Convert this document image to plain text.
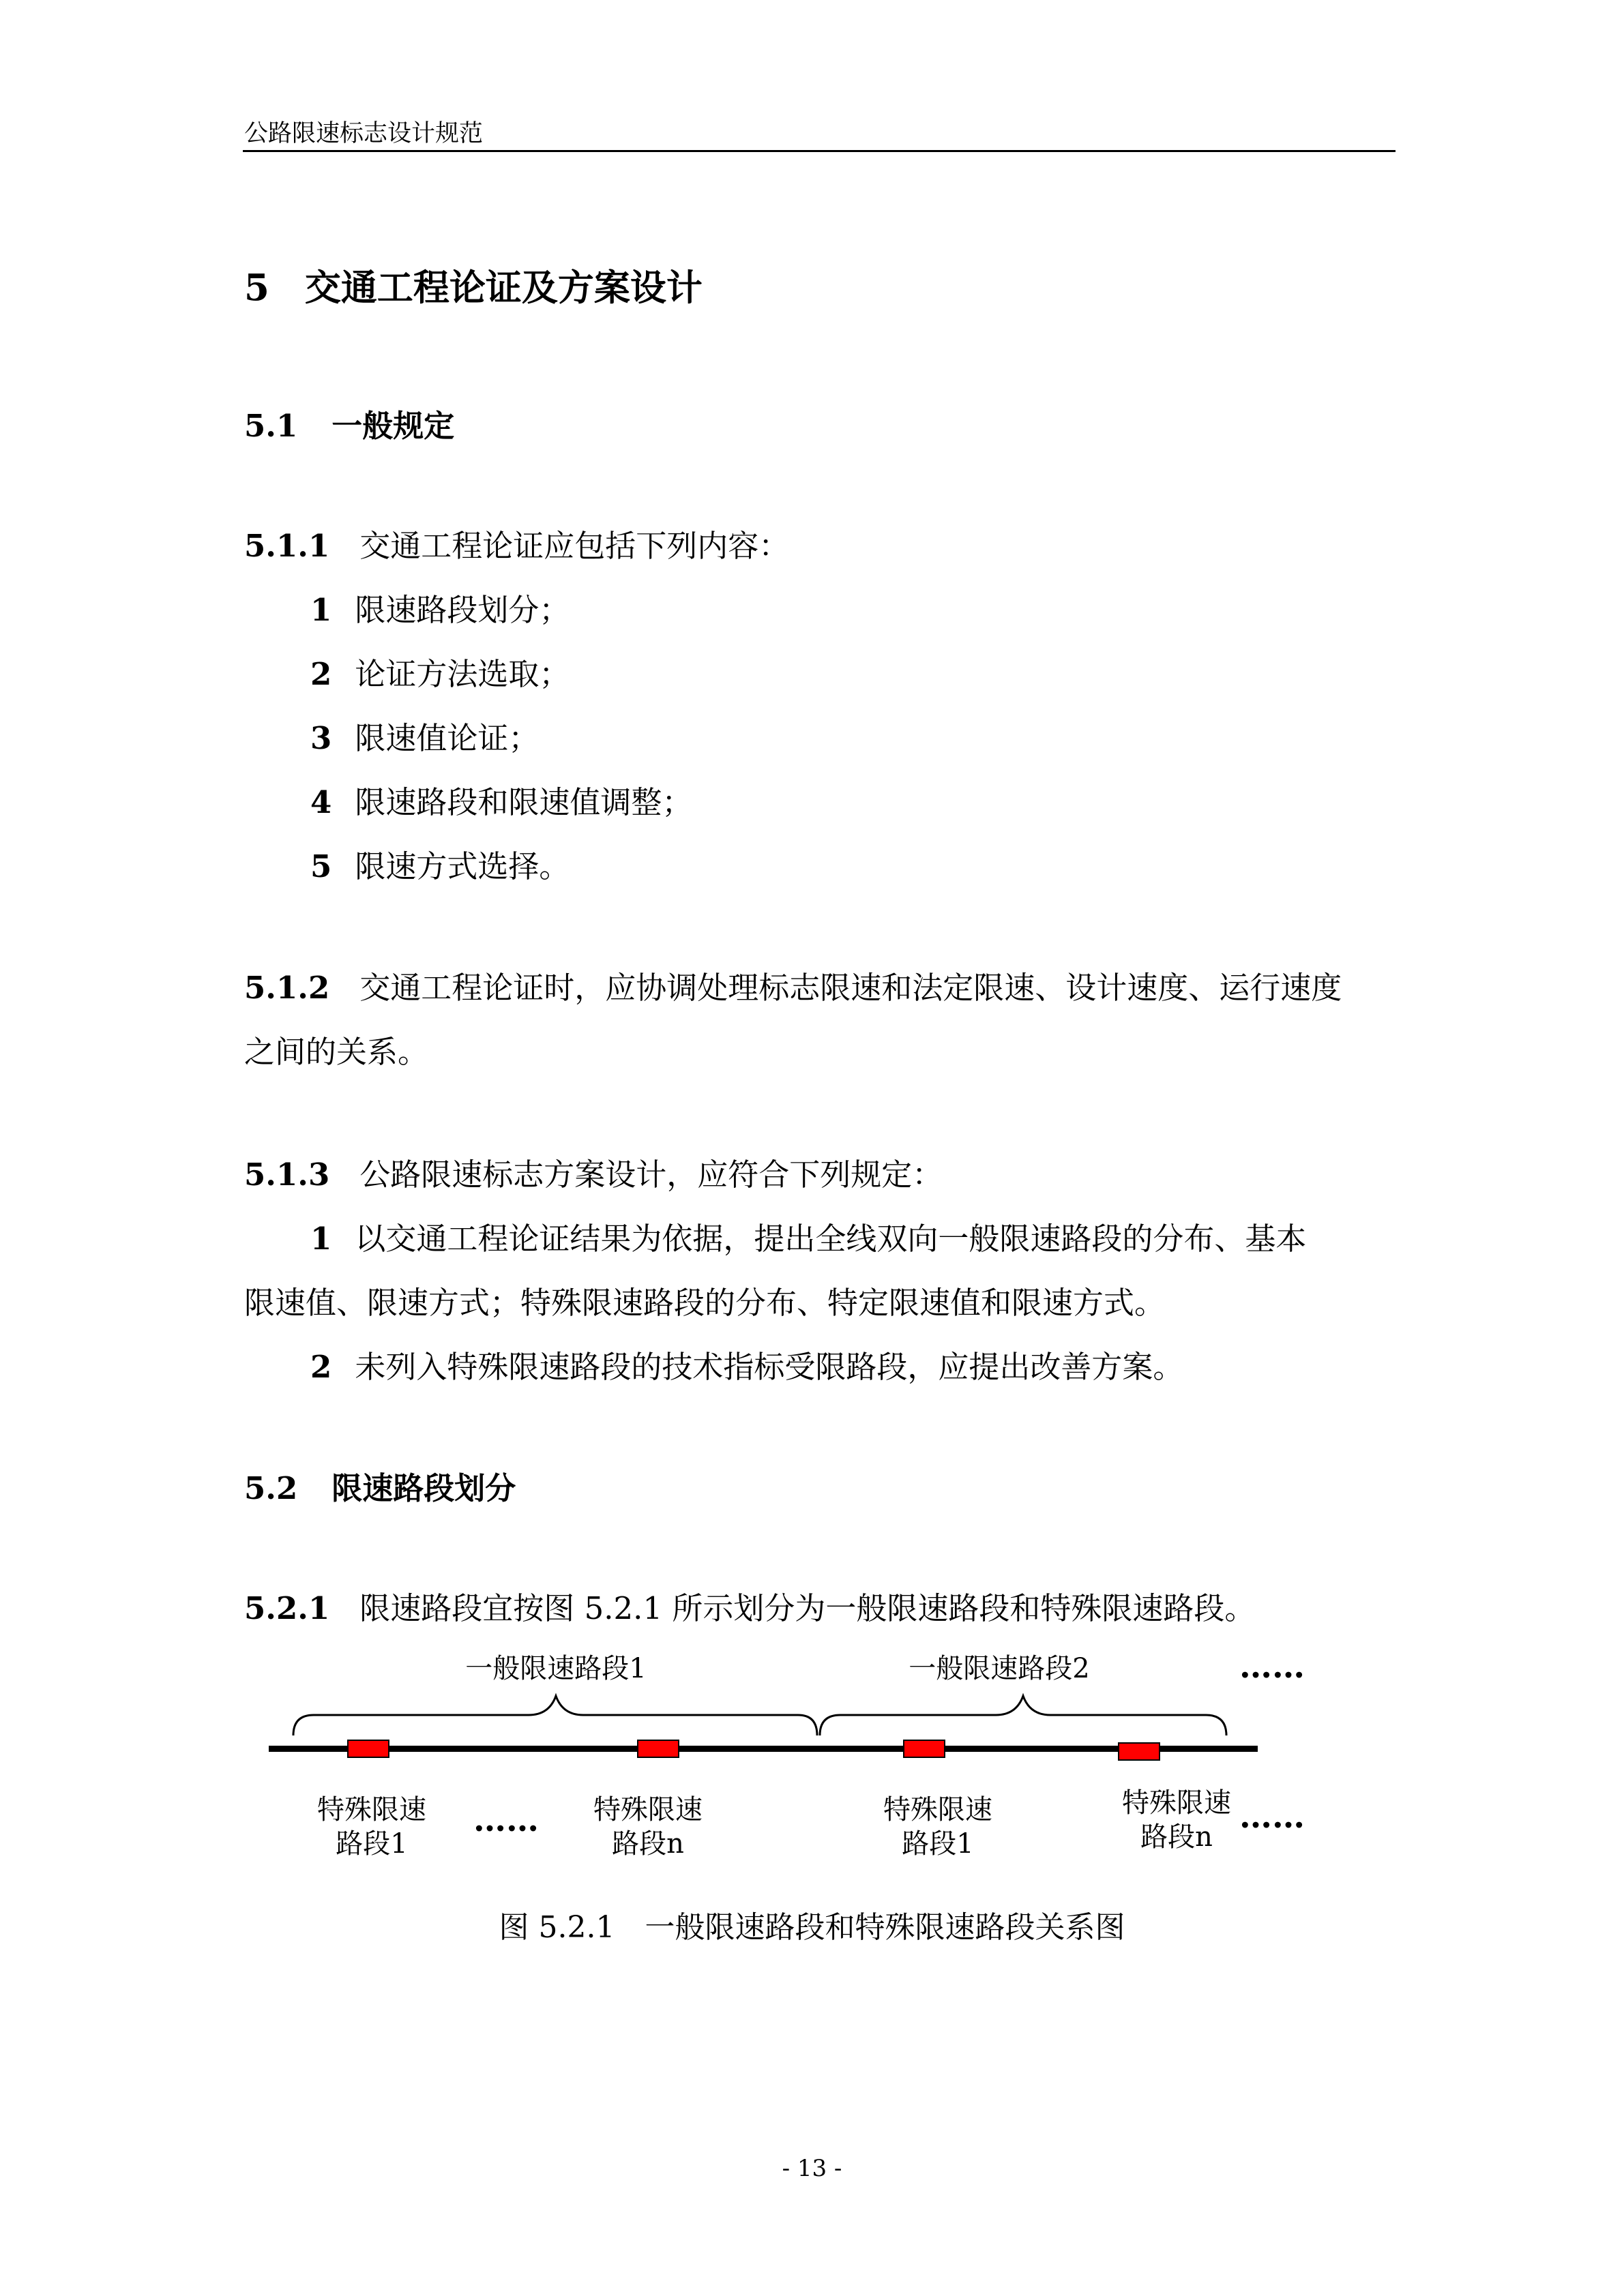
公路限速标志设计规范
5 交通工程论证及方案设计
5.1 一般规定
5.1.1 交通工程论证应包括下列内容：
1 限速路段划分；
2 论证方法选取；
3 限速值论证；
4 限速路段和限速值调整；
5 限速方式选择。
5.1.2 交通工程论证时，应协调处理标志限速和法定限速、设计速度、运行速度
之间的关系。
5.1.3 公路限速标志方案设计，应符合下列规定：
1 以交通工程论证结果为依据，提出全线双向一般限速路段的分布、基本
限速值、限速方式；特殊限速路段的分布、特定限速值和限速方式。
2 未列入特殊限速路段的技术指标受限路段，应提出改善方案。
5.2 限速路段划分
5.2.1 限速路段宜按图 5.2.1 所示划分为一般限速路段和特殊限速路段。
一般限速路段1	一般限速路段2	……
特殊限速
路段1
…… 特殊限速
路段n
特殊限速
路段1
特殊限速
路段n
……
图 5.2.1 一般限速路段和特殊限速路段关系图
- 13 -
